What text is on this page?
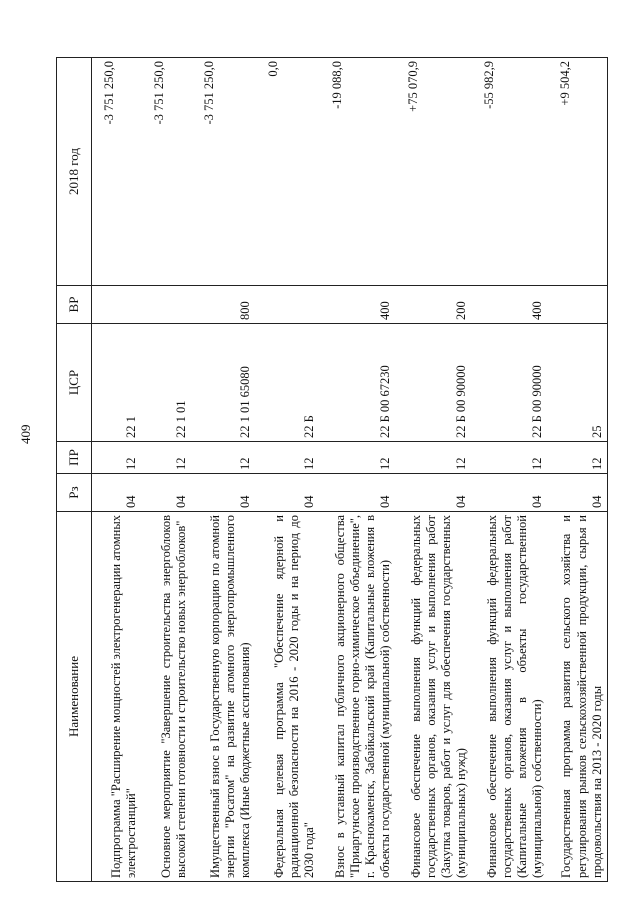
409
Наименование	Рз	ПР	ЦСР	ВР	2018 год
Подпрограмма "Расширение мощностей электрогенерации атомных электростанций"	04	12	22 1		-3 751 250,0
Основное мероприятие "Завершение строительства энергоблоков высокой степени готовности и строительство новых энергоблоков"	04	12	22 1 01		-3 751 250,0
Имущественный взнос в Государственную корпорацию по атомной энергии "Росатом" на развитие атомного энергопромышленного комплекса (Иные бюджетные ассигнования)	04	12	22 1 01 65080	800	-3 751 250,0
Федеральная целевая программа "Обеспечение ядерной и радиационной безопасности на 2016 - 2020 годы и на период до 2030 года"	04	12	22 Б		0,0
Взнос в уставный капитал публичного акционерного общества "Приаргунское производственное горно-химическое объединение", г. Краснокаменск, Забайкальский край (Капитальные вложения в объекты государственной (муниципальной) собственности)	04	12	22 Б 00 67230	400	-19 088,0
Финансовое обеспечение выполнения функций федеральных государственных органов, оказания услуг и выполнения работ (Закупка товаров, работ и услуг для обеспечения государственных (муниципальных) нужд)	04	12	22 Б 00 90000	200	+75 070,9
Финансовое обеспечение выполнения функций федеральных государственных органов, оказания услуг и выполнения работ (Капитальные вложения в объекты государственной (муниципальной) собственности)	04	12	22 Б 00 90000	400	-55 982,9
Государственная программа развития сельского хозяйства и регулирования рынков сельскохозяйственной продукции, сырья и продовольствия на 2013 - 2020 годы	04	12	25		+9 504,2
